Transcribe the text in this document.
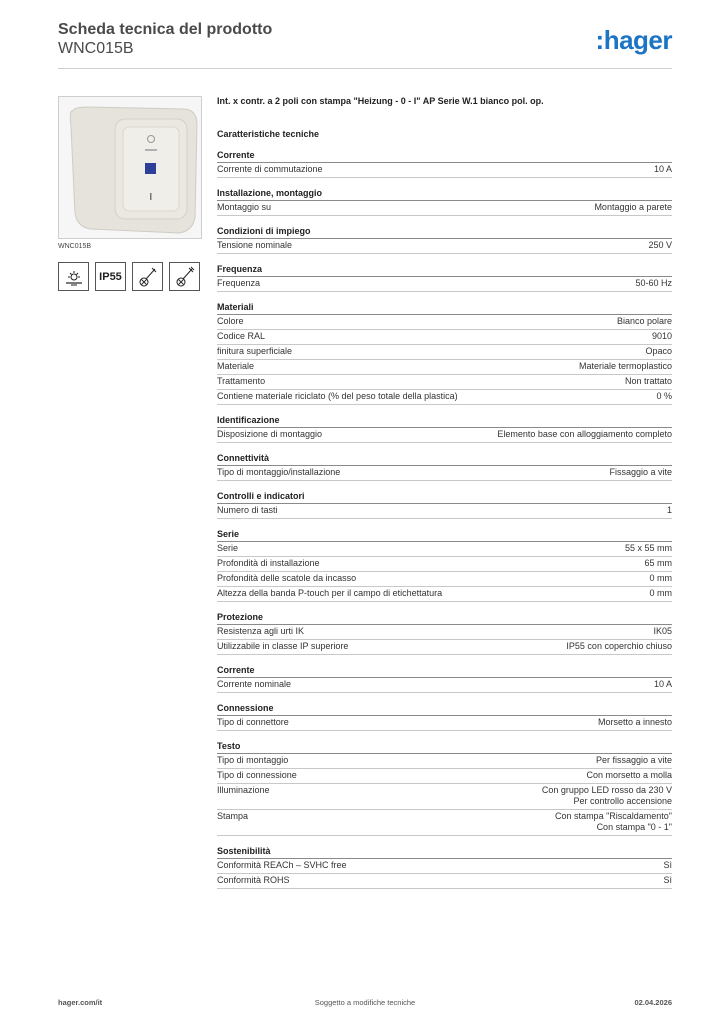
Scheda tecnica del prodotto

WNC015B	:hager
WNC015B
IP55
Int. x contr. a 2 poli con stampa "Heizung - 0 - I" AP Serie W.1 bianco pol. op.
Caratteristiche tecniche
Corrente
Corrente di commutazione	10 A
Installazione, montaggio
Montaggio su	Montaggio a parete
Condizioni di impiego
Tensione nominale	250 V
Frequenza
Frequenza	50-60 Hz
Materiali
Colore	Bianco polare
Codice RAL	9010
finitura superficiale	Opaco
Materiale	Materiale termoplastico
Trattamento	Non trattato
Contiene materiale riciclato (% del peso totale della plastica)	0 %
Identificazione
Disposizione di montaggio	Elemento base con alloggiamento completo
Connettività
Tipo di montaggio/installazione	Fissaggio a vite
Controlli e indicatori
Numero di tasti	1
Serie
Serie	55 x 55 mm
Profondità di installazione	65 mm
Profondità delle scatole da incasso	0 mm
Altezza della banda P-touch per il campo di etichettatura	0 mm
Protezione
Resistenza agli urti IK	IK05
Utilizzabile in classe IP superiore	IP55 con coperchio chiuso
Corrente
Corrente nominale	10 A
Connessione
Tipo di connettore	Morsetto a innesto
Testo
Tipo di montaggio	Per fissaggio a vite
Tipo di connessione	Con morsetto a molla
Illuminazione	Con gruppo LED rosso da 230 V
Per controllo accensione
Stampa	Con stampa "Riscaldamento"
Con stampa "0 - 1"
Sostenibilità
Conformità REACh – SVHC free	Sì
Conformità ROHS	Sì
hager.com/it	Soggetto a modifiche tecniche	02.04.2026
